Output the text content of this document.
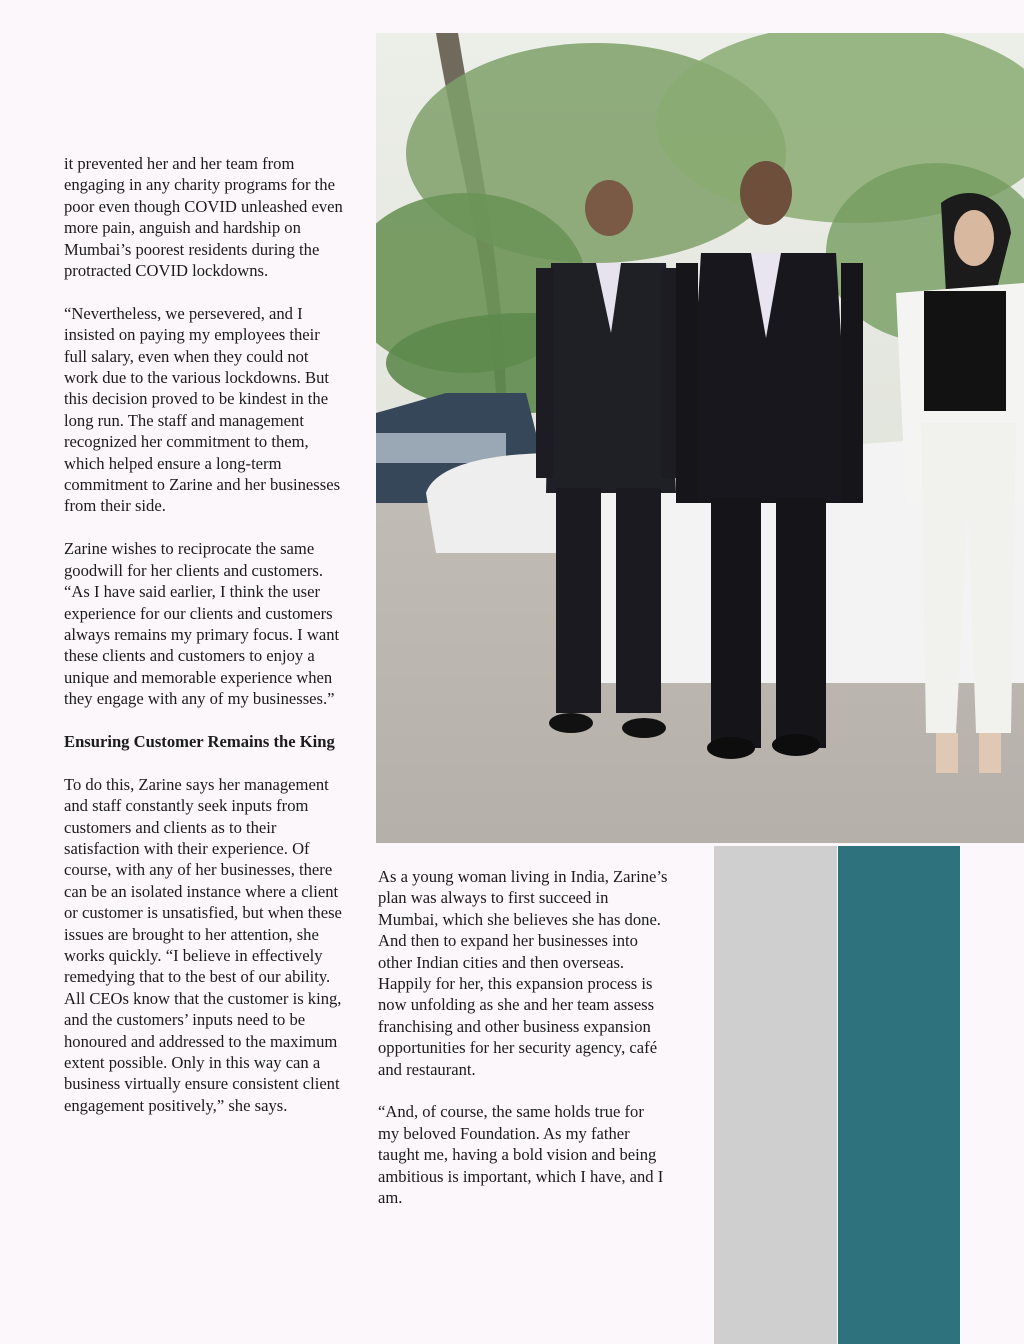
it prevented her and her team from engaging in any charity programs for the poor even though COVID unleashed even more pain, anguish and hardship on Mumbai’s poorest residents during the protracted COVID lockdowns.

“Nevertheless, we persevered, and I insisted on paying my employees their full salary, even when they could not work due to the various lockdowns. But this decision proved to be kindest in the long run. The staff and management recognized her commitment to them, which helped ensure a long-term commitment to Zarine and her businesses from their side.

Zarine wishes to reciprocate the same goodwill for her clients and customers. “As I have said earlier, I think the user experience for our clients and customers always remains my primary focus. I want these clients and customers to enjoy a unique and memorable experience when they engage with any of my businesses.”

Ensuring Customer Remains the King

To do this, Zarine says her management and staff constantly seek inputs from customers and clients as to their satisfaction with their experience. Of course, with any of her businesses, there can be an isolated instance where a client or customer is unsatisfied, but when these issues are brought to her attention, she works quickly. “I believe in effectively remedying that to the best of our ability. All CEOs know that the customer is king, and the customers’ inputs need to be honoured and addressed to the maximum extent possible. Only in this way can a business virtually ensure consistent client engagement positively,” she says.

As a young woman living in India, Zarine’s plan was always to first succeed in Mumbai, which she believes she has done. And then to expand her businesses into other Indian cities and then overseas. Happily for her, this expansion process is now unfolding as she and her team assess franchising and other business expansion opportunities for her security agency, café and restaurant.

“And, of course, the same holds true for my beloved Foundation. As my father taught me, having a bold vision and being ambitious is important, which I have, and I am.
